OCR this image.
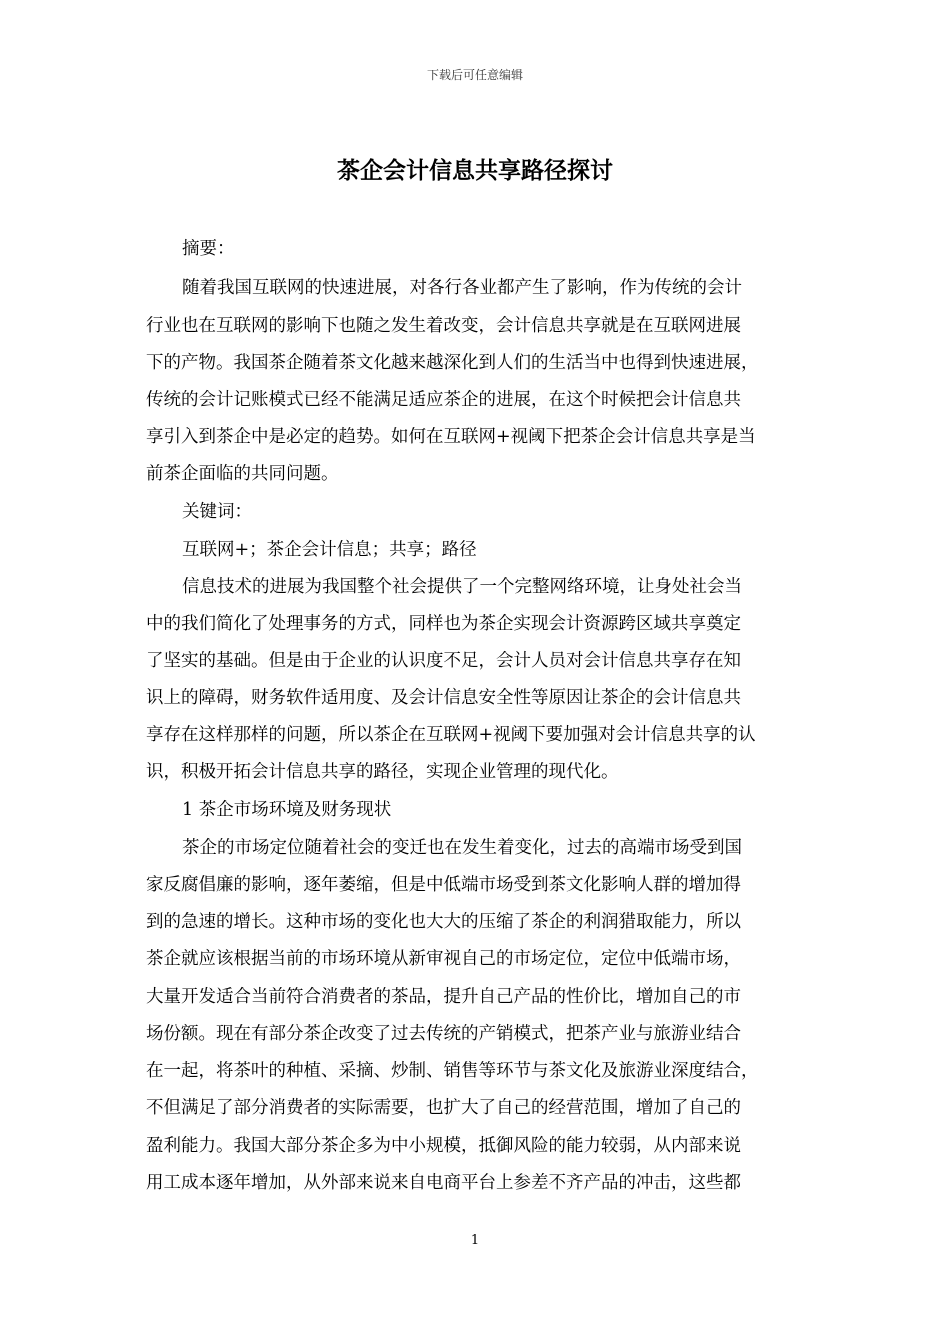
下载后可任意编辑
茶企会计信息共享路径探讨
摘要：
随着我国互联网的快速进展，对各行各业都产生了影响，作为传统的会计
行业也在互联网的影响下也随之发生着改变，会计信息共享就是在互联网进展
下的产物。我国茶企随着茶文化越来越深化到人们的生活当中也得到快速进展，
传统的会计记账模式已经不能满足适应茶企的进展，在这个时候把会计信息共
享引入到茶企中是必定的趋势。如何在互联网+视阈下把茶企会计信息共享是当
前茶企面临的共同问题。
关键词：
互联网+；茶企会计信息；共享；路径
信息技术的进展为我国整个社会提供了一个完整网络环境，让身处社会当
中的我们简化了处理事务的方式，同样也为茶企实现会计资源跨区域共享奠定
了坚实的基础。但是由于企业的认识度不足，会计人员对会计信息共享存在知
识上的障碍，财务软件适用度、及会计信息安全性等原因让茶企的会计信息共
享存在这样那样的问题，所以茶企在互联网+视阈下要加强对会计信息共享的认
识，积极开拓会计信息共享的路径，实现企业管理的现代化。
1 茶企市场环境及财务现状
茶企的市场定位随着社会的变迁也在发生着变化，过去的高端市场受到国
家反腐倡廉的影响，逐年萎缩，但是中低端市场受到茶文化影响人群的增加得
到的急速的增长。这种市场的变化也大大的压缩了茶企的利润猎取能力，所以
茶企就应该根据当前的市场环境从新审视自己的市场定位，定位中低端市场，
大量开发适合当前符合消费者的茶品，提升自己产品的性价比，增加自己的市
场份额。现在有部分茶企改变了过去传统的产销模式，把茶产业与旅游业结合
在一起，将茶叶的种植、采摘、炒制、销售等环节与茶文化及旅游业深度结合，
不但满足了部分消费者的实际需要，也扩大了自己的经营范围，增加了自己的
盈利能力。我国大部分茶企多为中小规模，抵御风险的能力较弱，从内部来说
用工成本逐年增加，从外部来说来自电商平台上参差不齐产品的冲击，这些都
1
